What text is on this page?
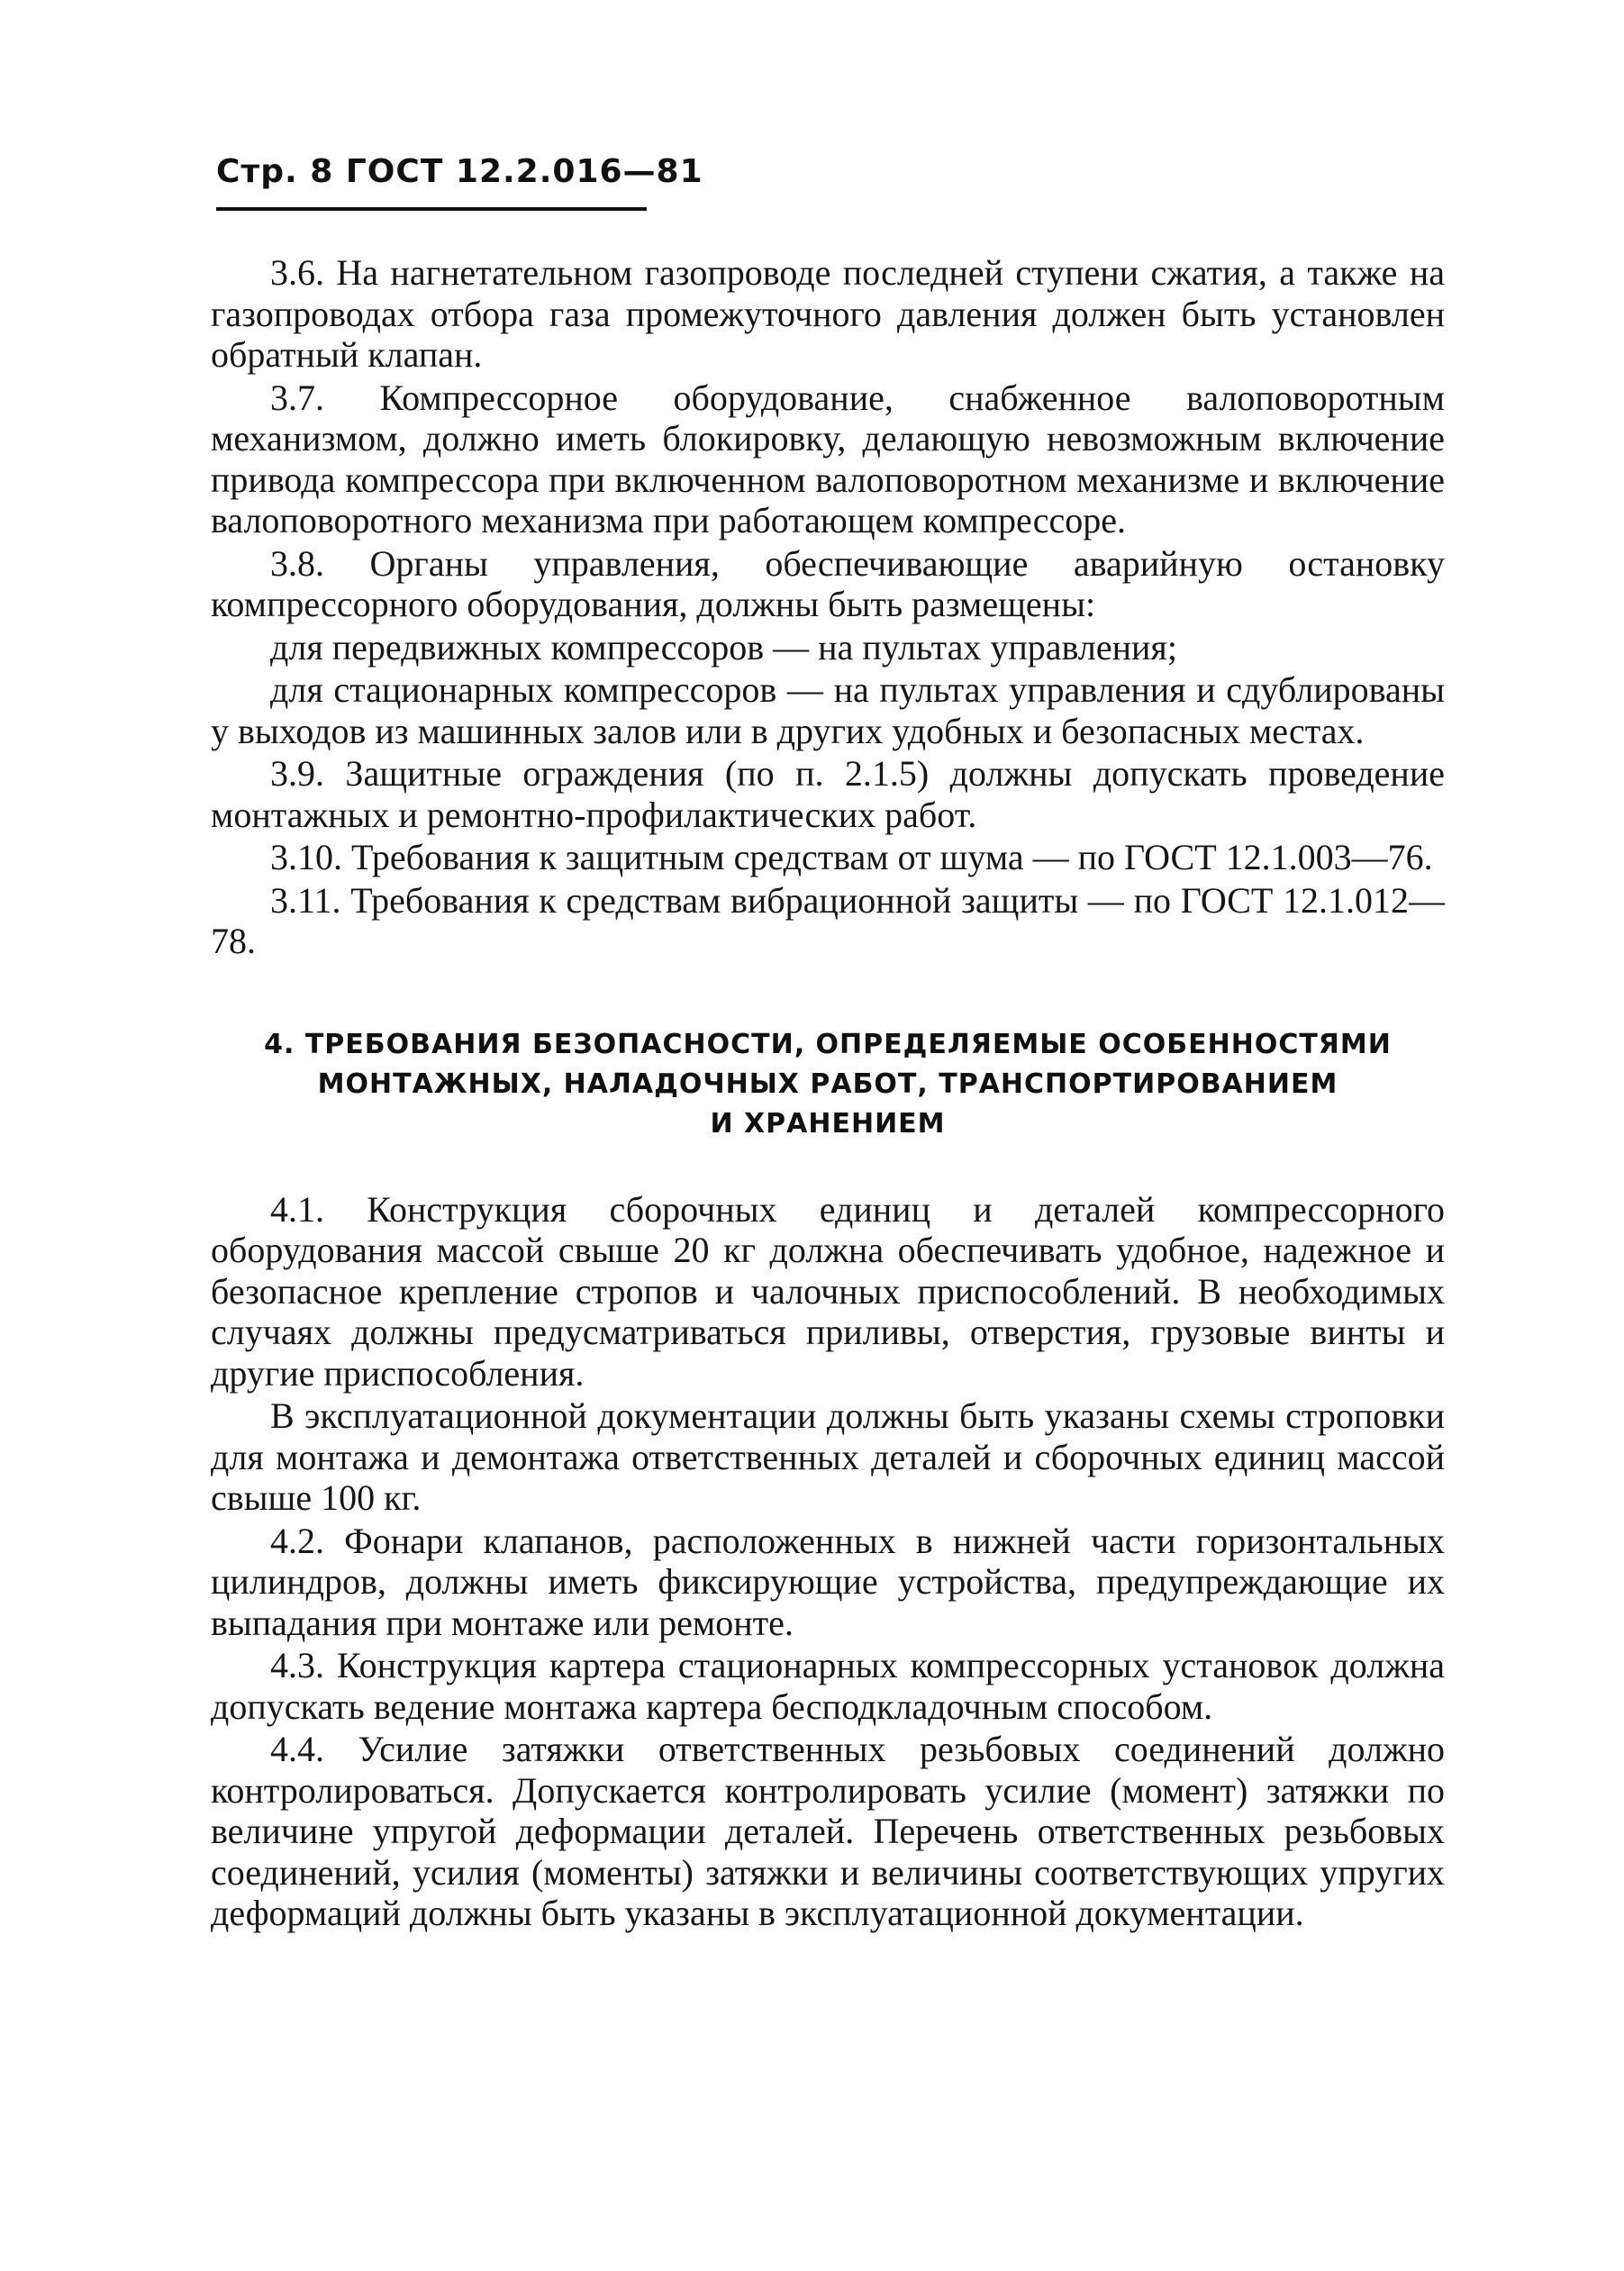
Стр. 8 ГОСТ 12.2.016—81

3.6. На нагнетательном газопроводе последней ступени сжатия, а также на газопроводах отбора газа промежуточного давления должен быть установлен обратный клапан.

3.7. Компрессорное оборудование, снабженное валоповоротным механизмом, должно иметь блокировку, делающую невозможным включение привода компрессора при включенном валоповоротном механизме и включение валоповоротного механизма при работающем компрессоре.

3.8. Органы управления, обеспечивающие аварийную остановку компрессорного оборудования, должны быть размещены:

для передвижных компрессоров — на пультах управления;

для стационарных компрессоров — на пультах управления и сдублированы у выходов из машинных залов или в других удобных и безопасных местах.

3.9. Защитные ограждения (по п. 2.1.5) должны допускать проведение монтажных и ремонтно-профилактических работ.

3.10. Требования к защитным средствам от шума — по ГОСТ 12.1.003—76.

3.11. Требования к средствам вибрационной защиты — по ГОСТ 12.1.012—78.

4. ТРЕБОВАНИЯ БЕЗОПАСНОСТИ, ОПРЕДЕЛЯЕМЫЕ ОСОБЕННОСТЯМИ
МОНТАЖНЫХ, НАЛАДОЧНЫХ РАБОТ, ТРАНСПОРТИРОВАНИЕМ
И ХРАНЕНИЕМ

4.1. Конструкция сборочных единиц и деталей компрессорного оборудования массой свыше 20 кг должна обеспечивать удобное, надежное и безопасное крепление стропов и чалочных приспособлений. В необходимых случаях должны предусматриваться приливы, отверстия, грузовые винты и другие приспособления.

В эксплуатационной документации должны быть указаны схемы строповки для монтажа и демонтажа ответственных деталей и сборочных единиц массой свыше 100 кг.

4.2. Фонари клапанов, расположенных в нижней части горизонтальных цилиндров, должны иметь фиксирующие устройства, предупреждающие их выпадания при монтаже или ремонте.

4.3. Конструкция картера стационарных компрессорных установок должна допускать ведение монтажа картера бесподкладочным способом.

4.4. Усилие затяжки ответственных резьбовых соединений должно контролироваться. Допускается контролировать усилие (момент) затяжки по величине упругой деформации деталей. Перечень ответственных резьбовых соединений, усилия (моменты) затяжки и величины соответствующих упругих деформаций должны быть указаны в эксплуатационной документации.
